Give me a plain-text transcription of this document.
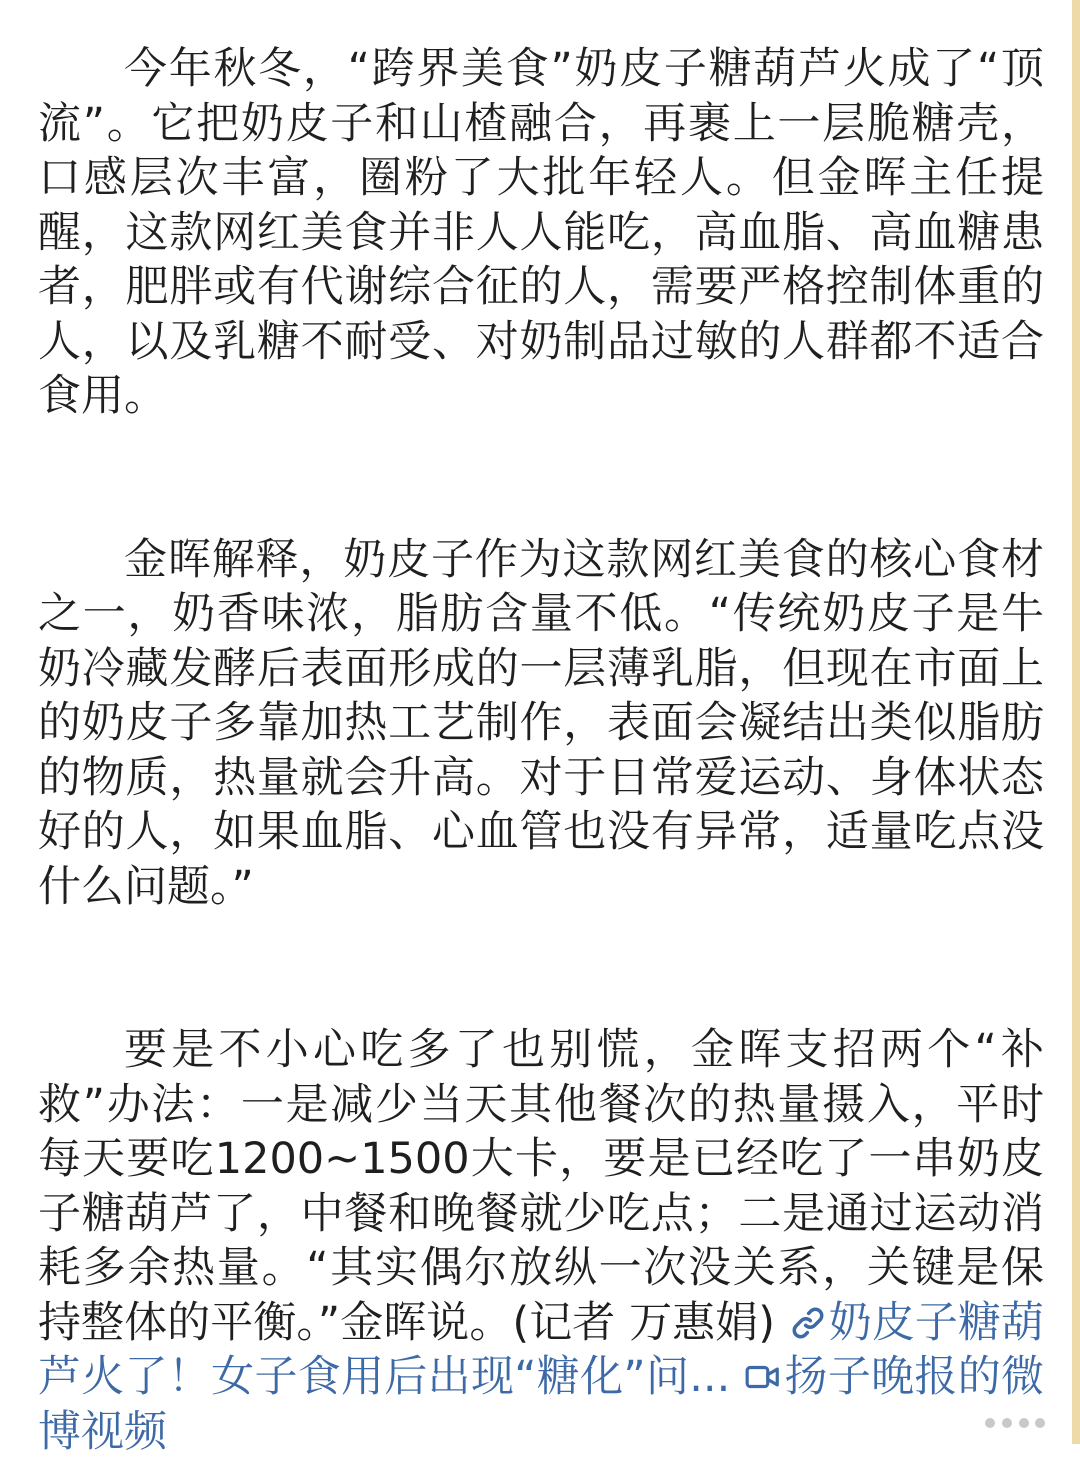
今年秋冬，“跨界美食”奶皮子糖葫芦火成了“顶流”。它把奶皮子和山楂融合，再裹上一层脆糖壳，口感层次丰富，圈粉了大批年轻人。但金晖主任提醒，这款网红美食并非人人能吃，高血脂、高血糖患者，肥胖或有代谢综合征的人，需要严格控制体重的人，以及乳糖不耐受、对奶制品过敏的人群都不适合食用。

金晖解释，奶皮子作为这款网红美食的核心食材之一，奶香味浓，脂肪含量不低。“传统奶皮子是牛奶冷藏发酵后表面形成的一层薄乳脂，但现在市面上的奶皮子多靠加热工艺制作，表面会凝结出类似脂肪的物质，热量就会升高。对于日常爱运动、身体状态好的人，如果血脂、心血管也没有异常，适量吃点没什么问题。”

要是不小心吃多了也别慌，金晖支招两个“补救”办法：一是减少当天其他餐次的热量摄入，平时每天要吃1200~1500大卡，要是已经吃了一串奶皮子糖葫芦了，中餐和晚餐就少吃点；二是通过运动消耗多余热量。“其实偶尔放纵一次没关系，关键是保持整体的平衡。”金晖说。(记者 万惠娟) 奶皮子糖葫芦火了！女子食用后出现“糖化”问... 扬子晚报的微博视频
